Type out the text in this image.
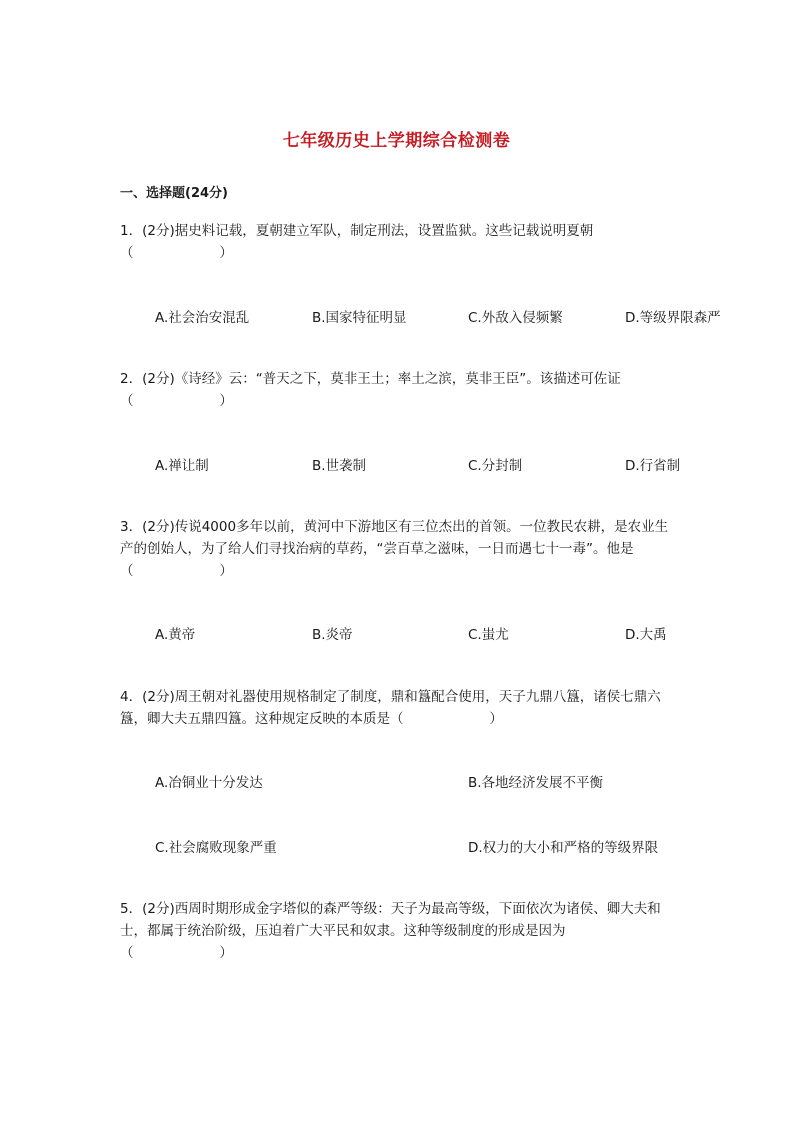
七年级历史上学期综合检测卷
一、选择题(24分)
1．(2分)据史料记载，夏朝建立军队，制定刑法，设置监狱。这些记载说明夏朝
（                    ）
A.社会治安混乱	B.国家特征明显	C.外敌入侵频繁	D.等级界限森严
2．(2分)《诗经》云：“普天之下，莫非王土；率土之滨，莫非王臣”。该描述可佐证
（                    ）
A.禅让制	B.世袭制	C.分封制	D.行省制
3．(2分)传说4000多年以前，黄河中下游地区有三位杰出的首领。一位教民农耕，是农业生产的创始人，为了给人们寻找治病的草药，“尝百草之滋味，一日而遇七十一毒”。他是
（                    ）
A.黄帝	B.炎帝	C.蚩尤	D.大禹
4．(2分)周王朝对礼器使用规格制定了制度，鼎和簋配合使用，天子九鼎八簋，诸侯七鼎六簋，卿大夫五鼎四簋。这种规定反映的本质是（                    ）
A.冶铜业十分发达	B.各地经济发展不平衡
C.社会腐败现象严重	D.权力的大小和严格的等级界限
5．(2分)西周时期形成金字塔似的森严等级：天子为最高等级，下面依次为诸侯、卿大夫和士，都属于统治阶级，压迫着广大平民和奴隶。这种等级制度的形成是因为
（                    ）
